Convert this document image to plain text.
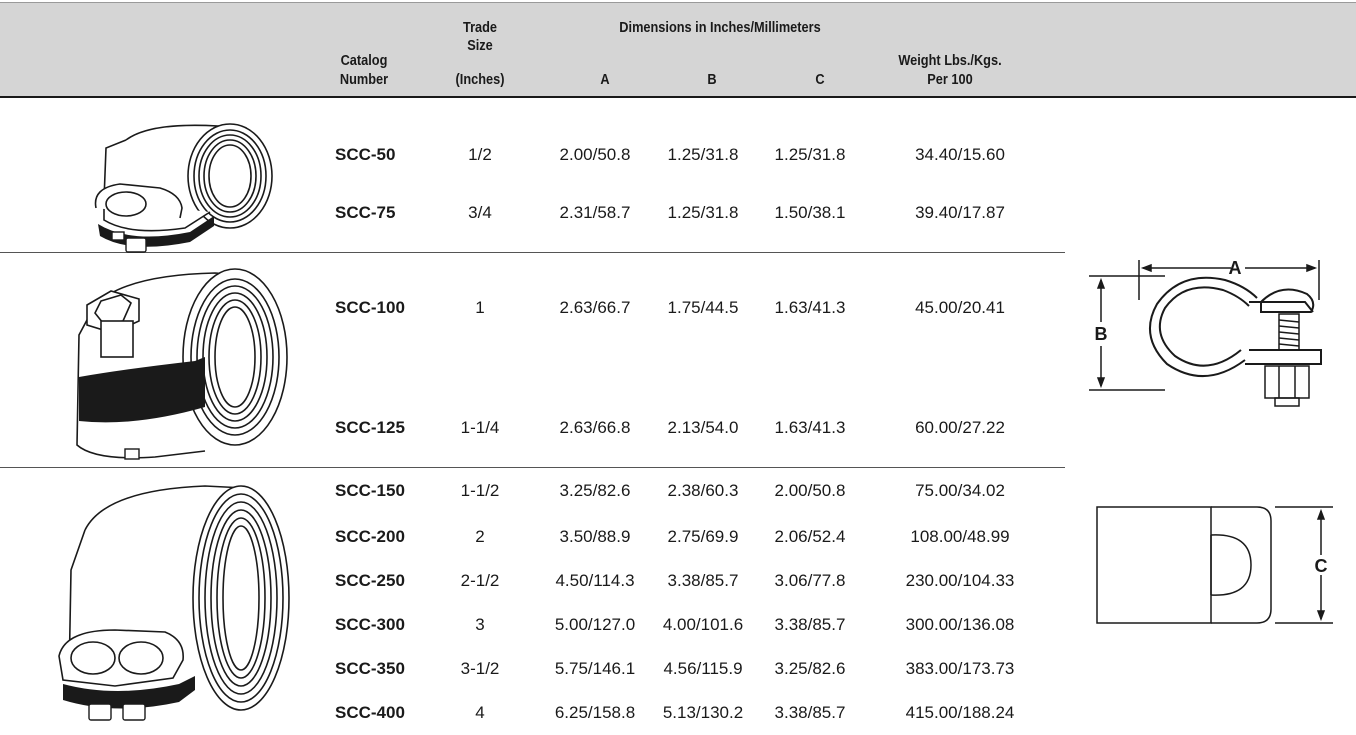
Catalog
Number
Trade
Size
(Inches)
Dimensions in Inches/Millimeters
A	B	C
Weight Lbs./Kgs.
Per 100
SCC-50	1/2	2.00/50.8	1.25/31.8	1.25/31.8	34.40/15.60
SCC-75	3/4	2.31/58.7	1.25/31.8	1.50/38.1	39.40/17.87
SCC-100	1	2.63/66.7	1.75/44.5	1.63/41.3	45.00/20.41
SCC-125	1-1/4	2.63/66.8	2.13/54.0	1.63/41.3	60.00/27.22
SCC-150	1-1/2	3.25/82.6	2.38/60.3	2.00/50.8	75.00/34.02
SCC-200	2	3.50/88.9	2.75/69.9	2.06/52.4	108.00/48.99
SCC-250	2-1/2	4.50/114.3	3.38/85.7	3.06/77.8	230.00/104.33
SCC-300	3	5.00/127.0	4.00/101.6	3.38/85.7	300.00/136.08
SCC-350	3-1/2	5.75/146.1	4.56/115.9	3.25/82.6	383.00/173.73
SCC-400	4	6.25/158.8	5.13/130.2	3.38/85.7	415.00/188.24
A
B
C
